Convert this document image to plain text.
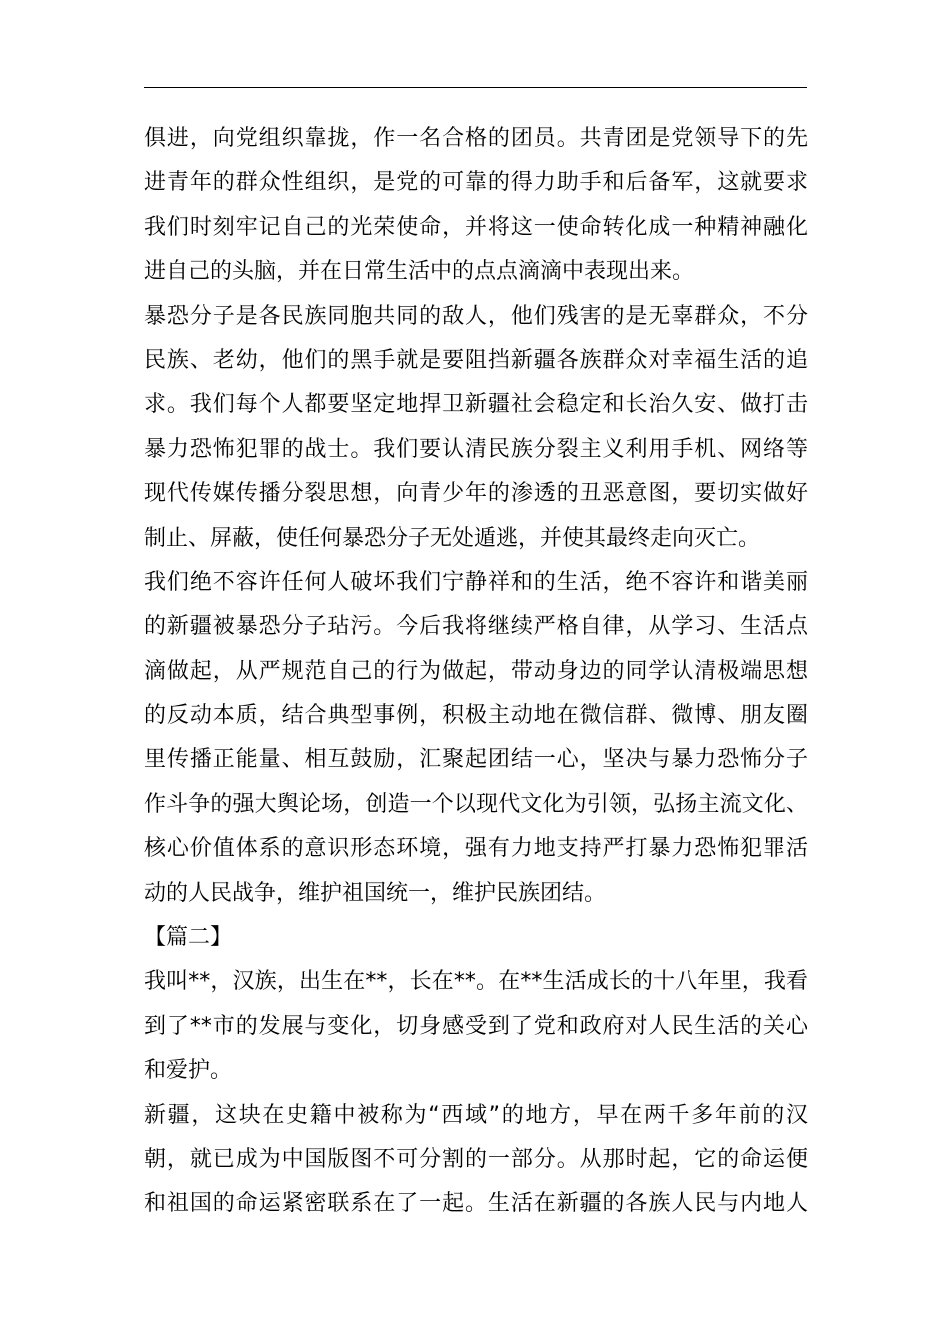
俱进，向党组织靠拢，作一名合格的团员。共青团是党领导下的先
进青年的群众性组织，是党的可靠的得力助手和后备军，这就要求
我们时刻牢记自己的光荣使命，并将这一使命转化成一种精神融化
进自己的头脑，并在日常生活中的点点滴滴中表现出来。
暴恐分子是各民族同胞共同的敌人，他们残害的是无辜群众，不分
民族、老幼，他们的黑手就是要阻挡新疆各族群众对幸福生活的追
求。我们每个人都要坚定地捍卫新疆社会稳定和长治久安、做打击
暴力恐怖犯罪的战士。我们要认清民族分裂主义利用手机、网络等
现代传媒传播分裂思想，向青少年的渗透的丑恶意图，要切实做好
制止、屏蔽，使任何暴恐分子无处遁逃，并使其最终走向灭亡。
我们绝不容许任何人破坏我们宁静祥和的生活，绝不容许和谐美丽
的新疆被暴恐分子玷污。今后我将继续严格自律，从学习、生活点
滴做起，从严规范自己的行为做起，带动身边的同学认清极端思想
的反动本质，结合典型事例，积极主动地在微信群、微博、朋友圈
里传播正能量、相互鼓励，汇聚起团结一心，坚决与暴力恐怖分子
作斗争的强大舆论场，创造一个以现代文化为引领，弘扬主流文化、
核心价值体系的意识形态环境，强有力地支持严打暴力恐怖犯罪活
动的人民战争，维护祖国统一，维护民族团结。
【篇二】
我叫**，汉族，出生在**，长在**。在**生活成长的十八年里，我看
到了**市的发展与变化，切身感受到了党和政府对人民生活的关心
和爱护。
新疆，这块在史籍中被称为“西域”的地方，早在两千多年前的汉
朝，就已成为中国版图不可分割的一部分。从那时起，它的命运便
和祖国的命运紧密联系在了一起。生活在新疆的各族人民与内地人
